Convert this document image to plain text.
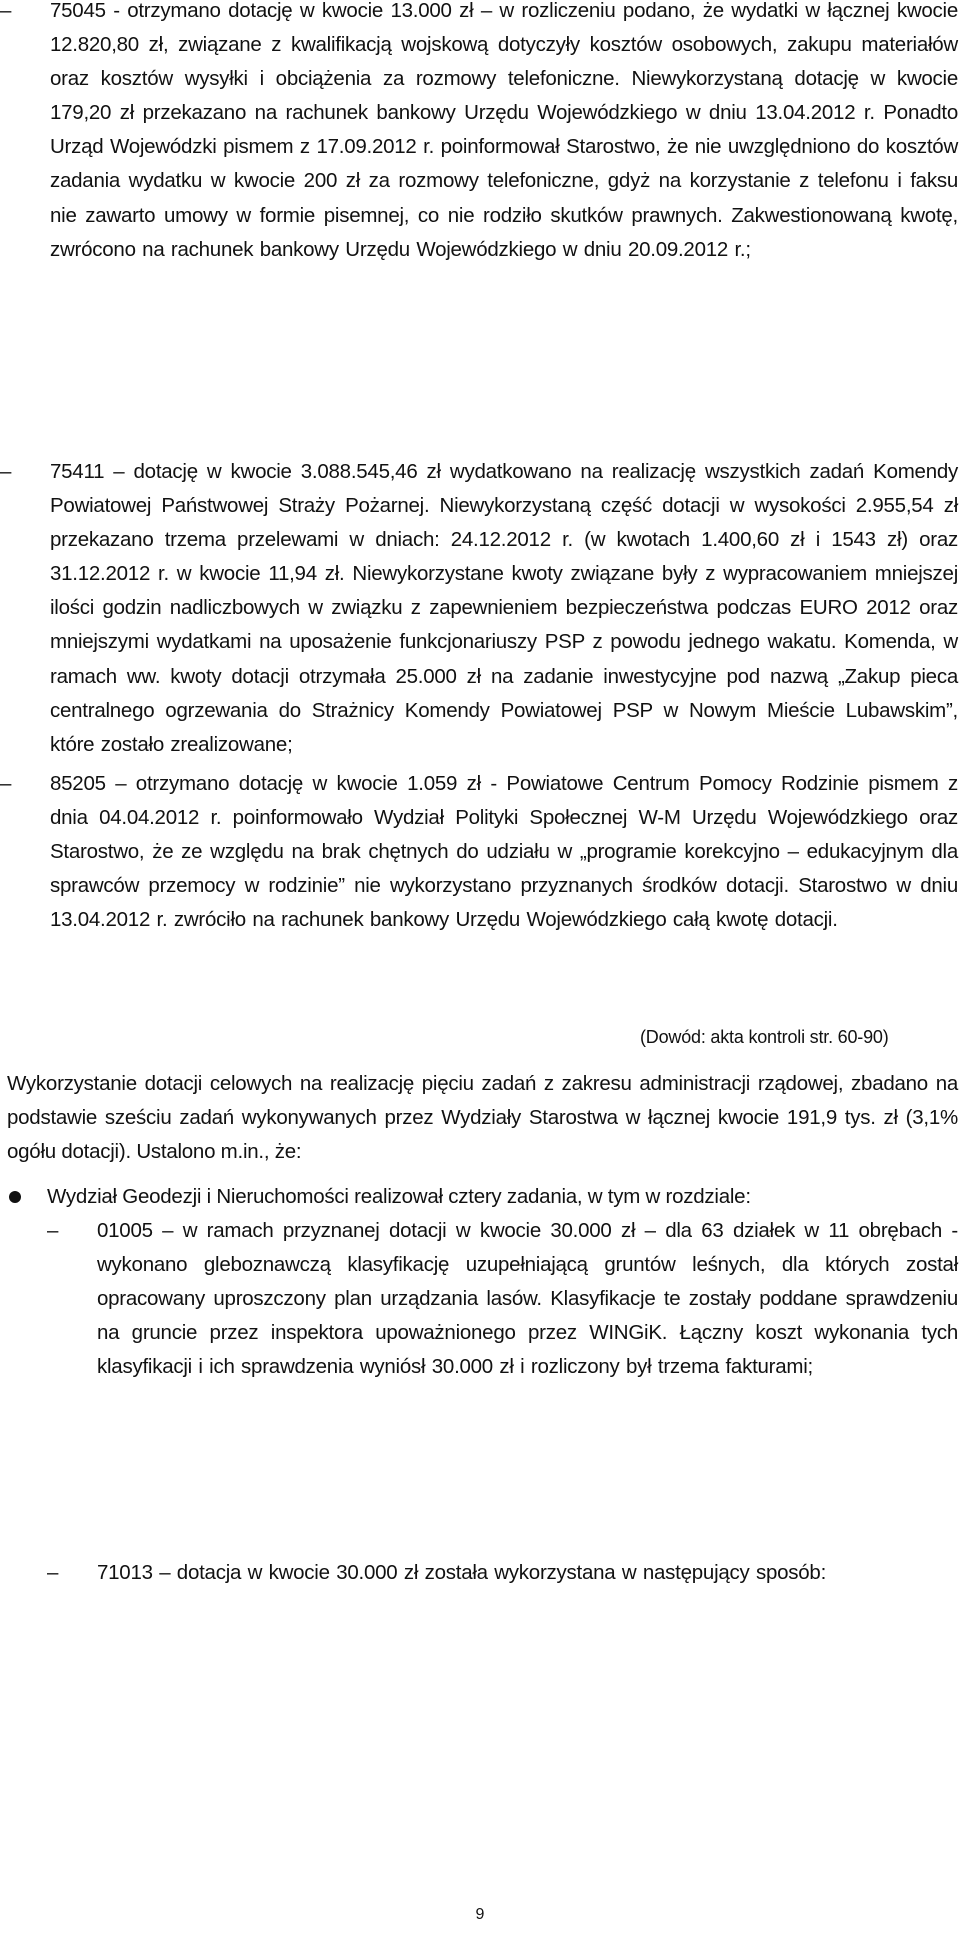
–	75045 - otrzymano dotację w kwocie 13.000 zł – w rozliczeniu podano, że wydatki w łącznej kwocie 12.820,80 zł, związane z kwalifikacją wojskową dotyczyły kosztów osobowych, zakupu materiałów oraz kosztów wysyłki i obciążenia za rozmowy telefoniczne. Niewykorzystaną dotację w kwocie 179,20 zł przekazano na rachunek bankowy Urzędu Wojewódzkiego w dniu 13.04.2012 r. Ponadto Urząd Wojewódzki pismem z 17.09.2012 r. poinformował Starostwo, że nie uwzględniono do kosztów zadania wydatku w kwocie 200 zł za rozmowy telefoniczne, gdyż na korzystanie z telefonu i faksu nie zawarto umowy w formie pisemnej, co nie rodziło skutków prawnych. Zakwestionowaną kwotę, zwrócono na rachunek bankowy Urzędu Wojewódzkiego w dniu 20.09.2012 r.;
–	75411 – dotację w kwocie 3.088.545,46 zł wydatkowano na realizację wszystkich zadań Komendy Powiatowej Państwowej Straży Pożarnej. Niewykorzystaną część dotacji w wysokości 2.955,54 zł przekazano trzema przelewami w dniach: 24.12.2012 r. (w kwotach 1.400,60 zł i 1543 zł) oraz 31.12.2012 r. w kwocie 11,94 zł. Niewykorzystane kwoty związane były z wypracowaniem mniejszej ilości godzin nadliczbowych w związku z zapewnieniem bezpieczeństwa podczas EURO 2012 oraz mniejszymi wydatkami na uposażenie funkcjonariuszy PSP z powodu jednego wakatu. Komenda, w ramach ww. kwoty dotacji otrzymała 25.000 zł na zadanie inwestycyjne pod nazwą „Zakup pieca centralnego ogrzewania do Strażnicy Komendy Powiatowej PSP w Nowym Mieście Lubawskim”, które zostało zrealizowane;
–	85205 – otrzymano dotację w kwocie 1.059 zł - Powiatowe Centrum Pomocy Rodzinie pismem z dnia 04.04.2012 r. poinformowało Wydział Polityki Społecznej W-M Urzędu Wojewódzkiego oraz Starostwo, że ze względu na brak chętnych do udziału w „programie korekcyjno – edukacyjnym dla sprawców przemocy w rodzinie” nie wykorzystano przyznanych środków dotacji. Starostwo w dniu 13.04.2012 r. zwróciło na rachunek bankowy Urzędu Wojewódzkiego całą kwotę dotacji.
(Dowód: akta kontroli str. 60-90)
Wykorzystanie dotacji celowych na realizację pięciu zadań z zakresu administracji rządowej, zbadano na podstawie sześciu zadań wykonywanych przez Wydziały Starostwa w łącznej kwocie 191,9 tys. zł (3,1% ogółu dotacji). Ustalono m.in., że:
Wydział Geodezji i Nieruchomości realizował cztery zadania, w tym w rozdziale:
–	01005 – w ramach przyznanej dotacji w kwocie 30.000 zł – dla 63 działek w 11 obrębach - wykonano gleboznawczą klasyfikację uzupełniającą gruntów leśnych, dla których został opracowany uproszczony plan urządzania lasów. Klasyfikacje te zostały poddane sprawdzeniu na gruncie przez inspektora upoważnionego przez WINGiK. Łączny koszt wykonania tych klasyfikacji i ich sprawdzenia wyniósł 30.000 zł i rozliczony był trzema fakturami;
–	71013 – dotacja w kwocie 30.000 zł została wykorzystana w następujący sposób:
9
